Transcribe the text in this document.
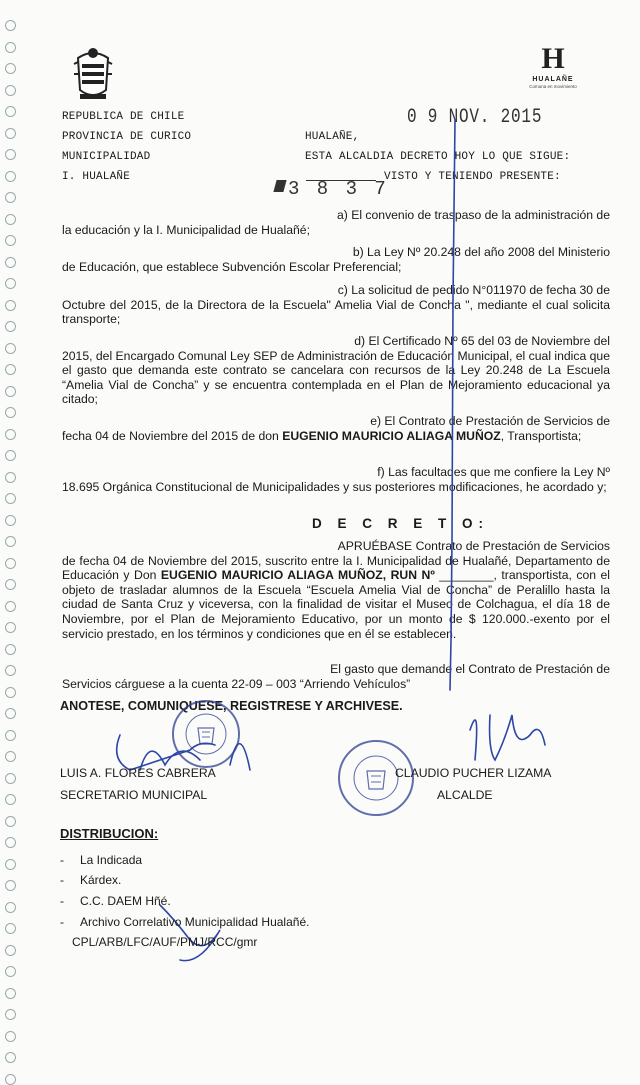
H
HUALAÑE
Comuna en movimiento
REPUBLICA DE CHILE
PROVINCIA DE CURICO
MUNICIPALIDAD
I. HUALAÑE
0 9 NOV. 2015
HUALAÑE,
ESTA ALCALDIA DECRETO HOY LO QUE SIGUE:
VISTO Y TENIENDO PRESENTE:
3 8 3 7
a) El convenio de traspaso de la administración de
la educación y la I. Municipalidad de Hualañé;
b) La Ley Nº 20.248 del año 2008 del Ministerio
de Educación, que establece Subvención Escolar Preferencial;
c) La solicitud de pedido N°011970 de fecha 30 de
Octubre del 2015, de la Directora de la Escuela" Amelia Vial de Concha ", mediante el cual solicita transporte;
d) El Certificado Nº 65 del 03 de Noviembre del
2015, del Encargado Comunal Ley SEP de Administración de Educación Municipal, el cual indica que el gasto que demanda este contrato se cancelara con recursos de la Ley 20.248 de La Escuela “Amelia Vial de Concha” y se encuentra contemplada en el Plan de Mejoramiento educacional ya citado;
e) El Contrato de Prestación de Servicios de
fecha 04 de Noviembre del 2015 de don EUGENIO MAURICIO ALIAGA MUÑOZ, Transportista;
f) Las facultades que me confiere la Ley Nº
18.695 Orgánica Constitucional de Municipalidades y sus posteriores modificaciones, he acordado y;
D E C R E T O:
APRUÉBASE Contrato de Prestación de Servicios
de fecha 04 de Noviembre del 2015, suscrito entre la I. Municipalidad de Hualañé, Departamento de Educación y Don EUGENIO MAURICIO ALIAGA MUÑOZ, RUN Nº ________, transportista, con el objeto de trasladar alumnos de la Escuela “Escuela Amelia Vial de Concha” de Peralillo hasta la ciudad de Santa Cruz y viceversa, con la finalidad de visitar el Museo de Colchagua, el día 18 de Noviembre, por el Plan de Mejoramiento Educativo, por un monto de $ 120.000.-exento por el servicio prestado, en los términos y condiciones que en él se establecen.
El gasto que demande el Contrato de Prestación de
Servicios cárguese a la cuenta 22-09 – 003 “Arriendo Vehículos”
ANOTESE, COMUNIQUESE, REGISTRESE Y ARCHIVESE.
LUIS A. FLORES CABRERA
SECRETARIO MUNICIPAL
CLAUDIO PUCHER LIZAMA
ALCALDE
DISTRIBUCION:
- La Indicada
- Kárdex.
- C.C. DAEM Hñé.
- Archivo Correlativo Municipalidad Hualañé.
CPL/ARB/LFC/AUF/PMJ/RCC/gmr
